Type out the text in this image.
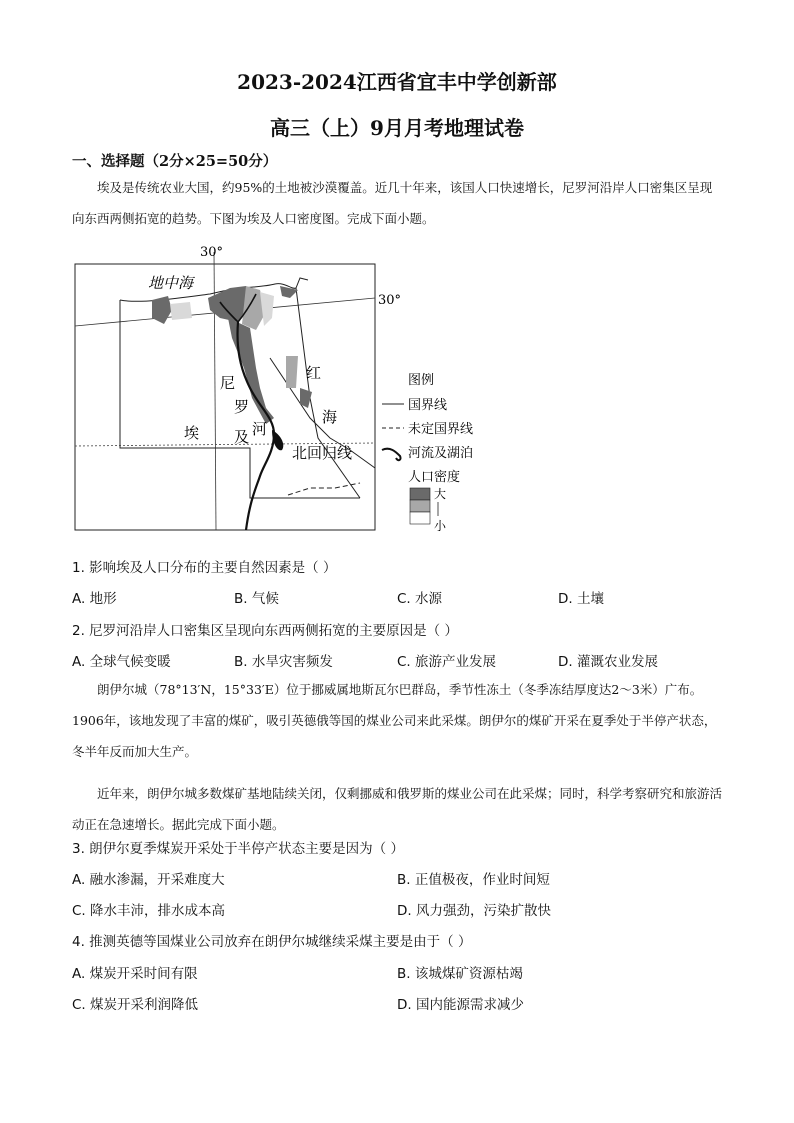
2023-2024江西省宜丰中学创新部
高三（上）9月月考地理试卷
一、选择题（2分×25=50分）

埃及是传统农业大国，约95%的土地被沙漠覆盖。近几十年来，该国人口快速增长，尼罗河沿岸人口密集区呈现向东西两侧拓宽的趋势。下图为埃及人口密度图。完成下面小题。

30°
30°
地中海
尼
罗
河
埃 及
红
海
北回归线
图例
国界线
未定国界线
河流及湖泊
人口密度
大
小
1. 影响埃及人口分布的主要自然因素是（ ）
A. 地形	B. 气候	C. 水源	D. 土壤
2. 尼罗河沿岸人口密集区呈现向东西两侧拓宽的主要原因是（ ）
A. 全球气候变暖	B. 水旱灾害频发	C. 旅游产业发展	D. 灌溉农业发展

朗伊尔城（78°13′N，15°33′E）位于挪威属地斯瓦尔巴群岛，季节性冻土（冬季冻结厚度达2～3米）广布。1906年，该地发现了丰富的煤矿，吸引英德俄等国的煤业公司来此采煤。朗伊尔的煤矿开采在夏季处于半停产状态，冬半年反而加大生产。

近年来，朗伊尔城多数煤矿基地陆续关闭，仅剩挪威和俄罗斯的煤业公司在此采煤；同时，科学考察研究和旅游活动正在急速增长。据此完成下面小题。

3. 朗伊尔夏季煤炭开采处于半停产状态主要是因为（ ）
A. 融水渗漏，开采难度大	B. 正值极夜，作业时间短
C. 降水丰沛，排水成本高	D. 风力强劲，污染扩散快
4. 推测英德等国煤业公司放弃在朗伊尔城继续采煤主要是由于（ ）
A. 煤炭开采时间有限	B. 该城煤矿资源枯竭
C. 煤炭开采利润降低	D. 国内能源需求减少
